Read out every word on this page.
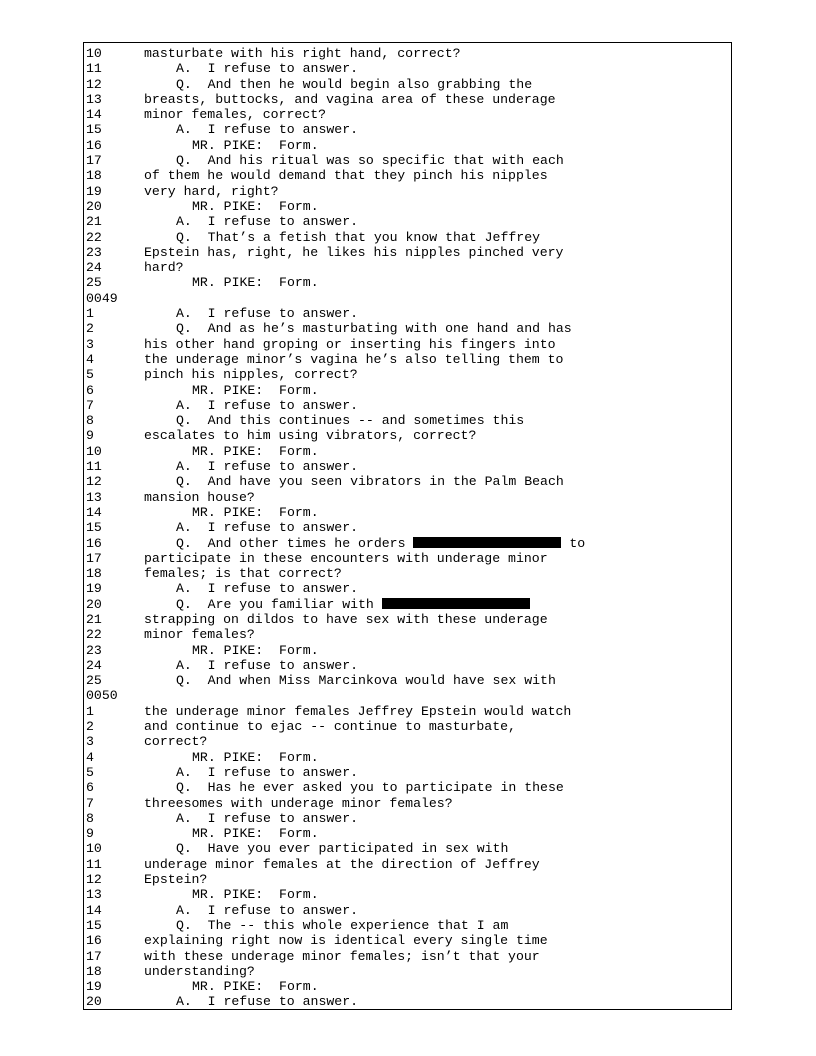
10	masturbate with his right hand, correct?
11	A.  I refuse to answer.
12	Q.  And then he would begin also grabbing the
13	breasts, buttocks, and vagina area of these underage
14	minor females, correct?
15	A.  I refuse to answer.
16	MR. PIKE:  Form.
17	Q.  And his ritual was so specific that with each
18	of them he would demand that they pinch his nipples
19	very hard, right?
20	MR. PIKE:  Form.
21	A.  I refuse to answer.
22	Q.  That’s a fetish that you know that Jeffrey
23	Epstein has, right, he likes his nipples pinched very
24	hard?
25	MR. PIKE:  Form.
0049
1	A.  I refuse to answer.
2	Q.  And as he’s masturbating with one hand and has
3	his other hand groping or inserting his fingers into
4	the underage minor’s vagina he’s also telling them to
5	pinch his nipples, correct?
6	MR. PIKE:  Form.
7	A.  I refuse to answer.
8	Q.  And this continues -- and sometimes this
9	escalates to him using vibrators, correct?
10	MR. PIKE:  Form.
11	A.  I refuse to answer.
12	Q.  And have you seen vibrators in the Palm Beach
13	mansion house?
14	MR. PIKE:  Form.
15	A.  I refuse to answer.
16	Q.  And other times he orders	to
17	participate in these encounters with underage minor
18	females; is that correct?
19	A.  I refuse to answer.
20	Q.  Are you familiar with
21	strapping on dildos to have sex with these underage
22	minor females?
23	MR. PIKE:  Form.
24	A.  I refuse to answer.
25	Q.  And when Miss Marcinkova would have sex with
0050
1	the underage minor females Jeffrey Epstein would watch
2	and continue to ejac -- continue to masturbate,
3	correct?
4	MR. PIKE:  Form.
5	A.  I refuse to answer.
6	Q.  Has he ever asked you to participate in these
7	threesomes with underage minor females?
8	A.  I refuse to answer.
9	MR. PIKE:  Form.
10	Q.  Have you ever participated in sex with
11	underage minor females at the direction of Jeffrey
12	Epstein?
13	MR. PIKE:  Form.
14	A.  I refuse to answer.
15	Q.  The -- this whole experience that I am
16	explaining right now is identical every single time
17	with these underage minor females; isn’t that your
18	understanding?
19	MR. PIKE:  Form.
20	A.  I refuse to answer.
